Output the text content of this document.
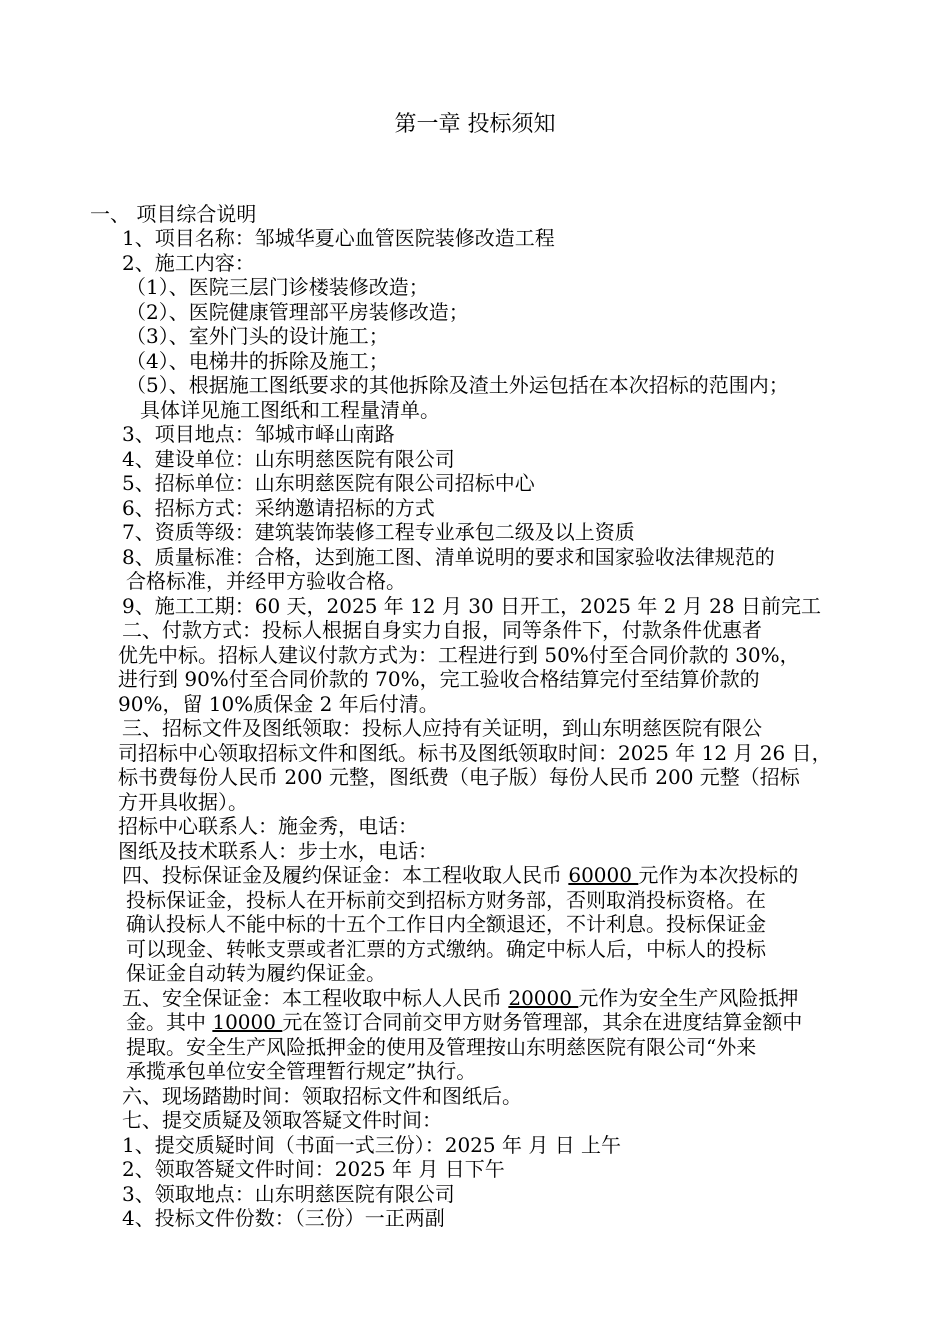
第一章 投标须知
一、 项目综合说明
1、项目名称：邹城华夏心血管医院装修改造工程
2、施工内容：
（1）、医院三层门诊楼装修改造；
（2）、医院健康管理部平房装修改造；
（3）、室外门头的设计施工；
（4）、电梯井的拆除及施工；
（5）、根据施工图纸要求的其他拆除及渣土外运包括在本次招标的范围内；
具体详见施工图纸和工程量清单。
3、项目地点：邹城市峄山南路
4、建设单位：山东明慈医院有限公司
5、招标单位：山东明慈医院有限公司招标中心
6、招标方式：采纳邀请招标的方式
7、资质等级：建筑装饰装修工程专业承包二级及以上资质
8、质量标准：合格，达到施工图、清单说明的要求和国家验收法律规范的
合格标准，并经甲方验收合格。
9、施工工期：60 天，2025 年 12 月 30 日开工，2025 年 2 月 28 日前完工
二、付款方式：投标人根据自身实力自报，同等条件下，付款条件优惠者
优先中标。招标人建议付款方式为：工程进行到 50%付至合同价款的 30%，
进行到 90%付至合同价款的 70%，完工验收合格结算完付至结算价款的
90%，留 10%质保金 2 年后付清。
三、招标文件及图纸领取：投标人应持有关证明，到山东明慈医院有限公
司招标中心领取招标文件和图纸。标书及图纸领取时间：2025 年 12 月 26 日，
标书费每份人民币 200 元整，图纸费（电子版）每份人民币 200 元整（招标
方开具收据）。
招标中心联系人：施金秀，电话：
图纸及技术联系人：步士水，电话：
四、投标保证金及履约保证金：本工程收取人民币 60000 元作为本次投标的
投标保证金，投标人在开标前交到招标方财务部，否则取消投标资格。在
确认投标人不能中标的十五个工作日内全额退还，不计利息。投标保证金
可以现金、转帐支票或者汇票的方式缴纳。确定中标人后，中标人的投标
保证金自动转为履约保证金。
五、安全保证金：本工程收取中标人人民币 20000 元作为安全生产风险抵押
金。其中 10000 元在签订合同前交甲方财务管理部，其余在进度结算金额中
提取。安全生产风险抵押金的使用及管理按山东明慈医院有限公司“外来
承揽承包单位安全管理暂行规定”执行。
六、现场踏勘时间：领取招标文件和图纸后。
七、提交质疑及领取答疑文件时间：
1、提交质疑时间（书面一式三份）：2025 年 月 日 上午
2、领取答疑文件时间：2025 年 月 日下午
3、领取地点：山东明慈医院有限公司
4、投标文件份数：（三份）一正两副
